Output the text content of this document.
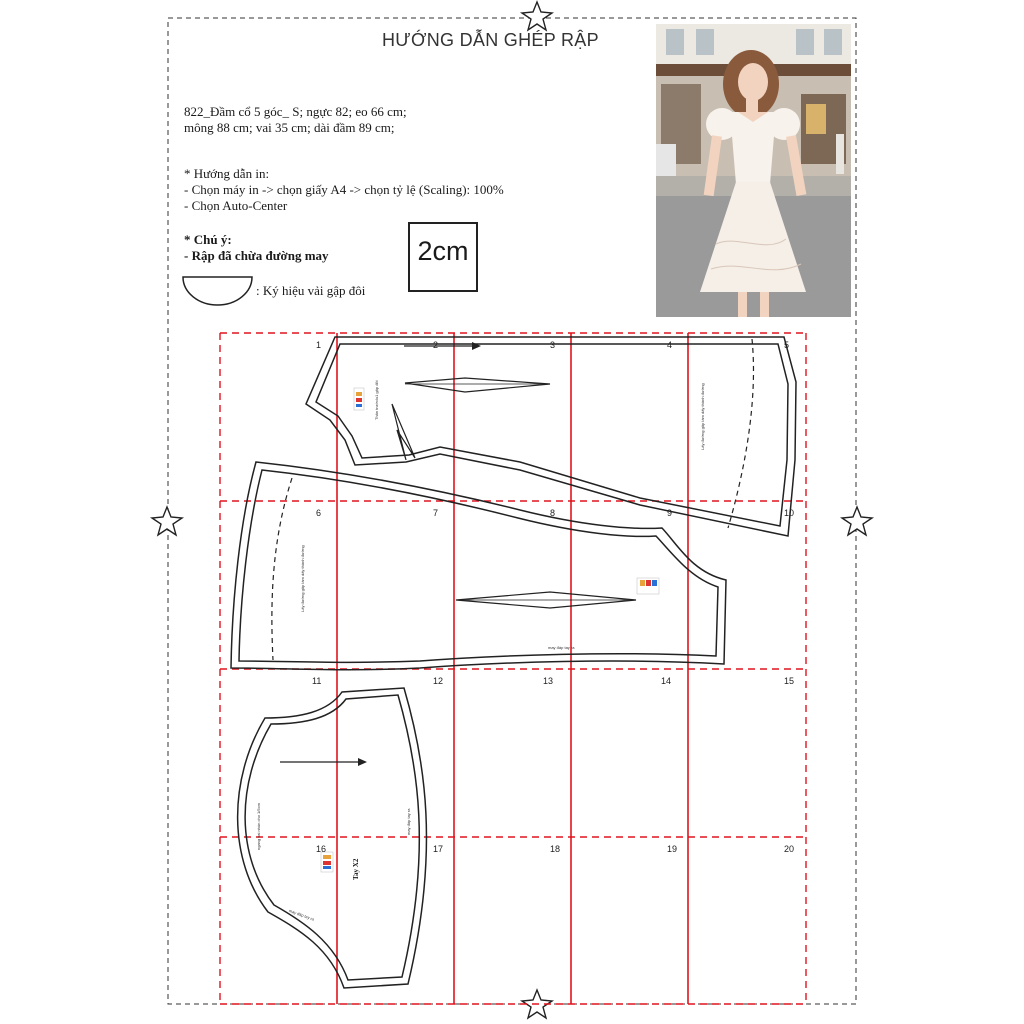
HƯỚNG DẪN GHÉP RẬP
822_Đầm cổ 5 góc_ S; ngực 82; eo 66 cm;
mông 88 cm; vai 35 cm; dài đầm 89 cm;
* Hướng dẫn in:
- Chọn máy in -> chọn giấy A4 -> chọn tỷ lệ (Scaling): 100%
- Chọn Auto-Center
* Chú ý:
- Rập đã chừa đường may	2cm
: Ký hiệu vải gập đôi
1	2	3	4	5
6	7	8	9	10
11	12	13	14	15
16	17	18	19	20
Thân trước/x1 gập đôi	Lấy đường gập làm dấy thành đường
Lấy đường gập làm dấy thành đường
may đáp tay ra
ngang vai nhún cho 1/5cm	may đáp tay ra
may đáp tay ra
Tay X2
